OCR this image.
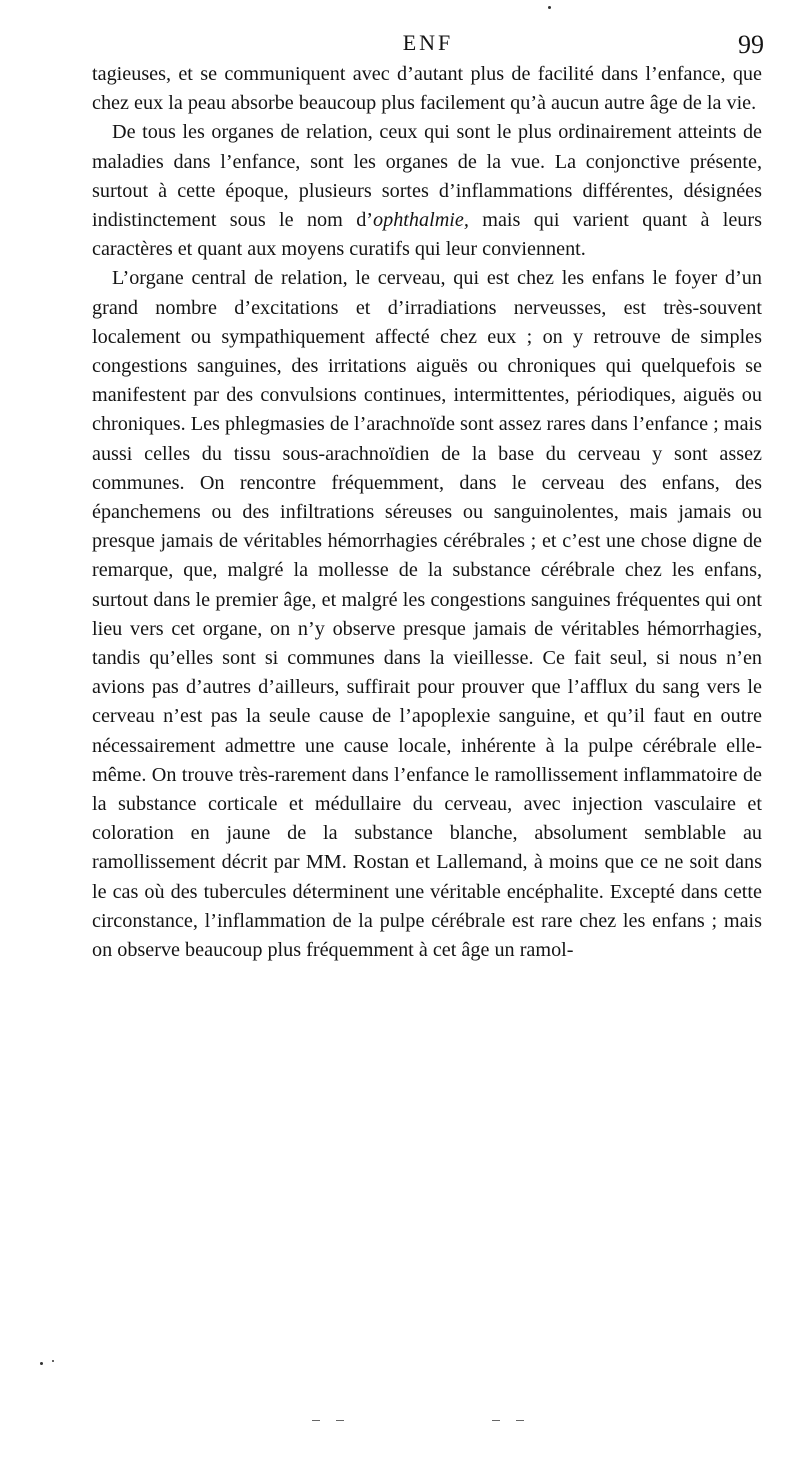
ENF	99

tagieuses, et se communiquent avec d’autant plus de facilité dans l’enfance, que chez eux la peau absorbe beaucoup plus facilement qu’à aucun autre âge de la vie.

De tous les organes de relation, ceux qui sont le plus ordinairement atteints de maladies dans l’enfance, sont les organes de la vue. La conjonctive présente, surtout à cette époque, plusieurs sortes d’inflammations différentes, désignées indistinctement sous le nom d’ophthalmie, mais qui varient quant à leurs caractères et quant aux moyens curatifs qui leur conviennent.

L’organe central de relation, le cerveau, qui est chez les enfans le foyer d’un grand nombre d’excitations et d’irradiations nerveusses, est très-souvent localement ou sympathiquement affecté chez eux ; on y retrouve de simples congestions sanguines, des irritations aiguës ou chroniques qui quelquefois se manifestent par des convulsions continues, intermittentes, périodiques, aiguës ou chroniques. Les phlegmasies de l’arachnoïde sont assez rares dans l’enfance ; mais aussi celles du tissu sous-arachnoïdien de la base du cerveau y sont assez communes. On rencontre fréquemment, dans le cerveau des enfans, des épanchemens ou des infiltrations séreuses ou sanguinolentes, mais jamais ou presque jamais de véritables hémorrhagies cérébrales ; et c’est une chose digne de remarque, que, malgré la mollesse de la substance cérébrale chez les enfans, surtout dans le premier âge, et malgré les congestions sanguines fréquentes qui ont lieu vers cet organe, on n’y observe presque jamais de véritables hémorrhagies, tandis qu’elles sont si communes dans la vieillesse. Ce fait seul, si nous n’en avions pas d’autres d’ailleurs, suffirait pour prouver que l’afflux du sang vers le cerveau n’est pas la seule cause de l’apoplexie sanguine, et qu’il faut en outre nécessairement admettre une cause locale, inhérente à la pulpe cérébrale elle-même. On trouve très-rarement dans l’enfance le ramollissement inflammatoire de la substance corticale et médullaire du cerveau, avec injection vasculaire et coloration en jaune de la substance blanche, absolument semblable au ramollissement décrit par MM. Rostan et Lallemand, à moins que ce ne soit dans le cas où des tubercules déterminent une véritable encéphalite. Excepté dans cette circonstance, l’inflammation de la pulpe cérébrale est rare chez les enfans ; mais on observe beaucoup plus fréquemment à cet âge un ramol-
